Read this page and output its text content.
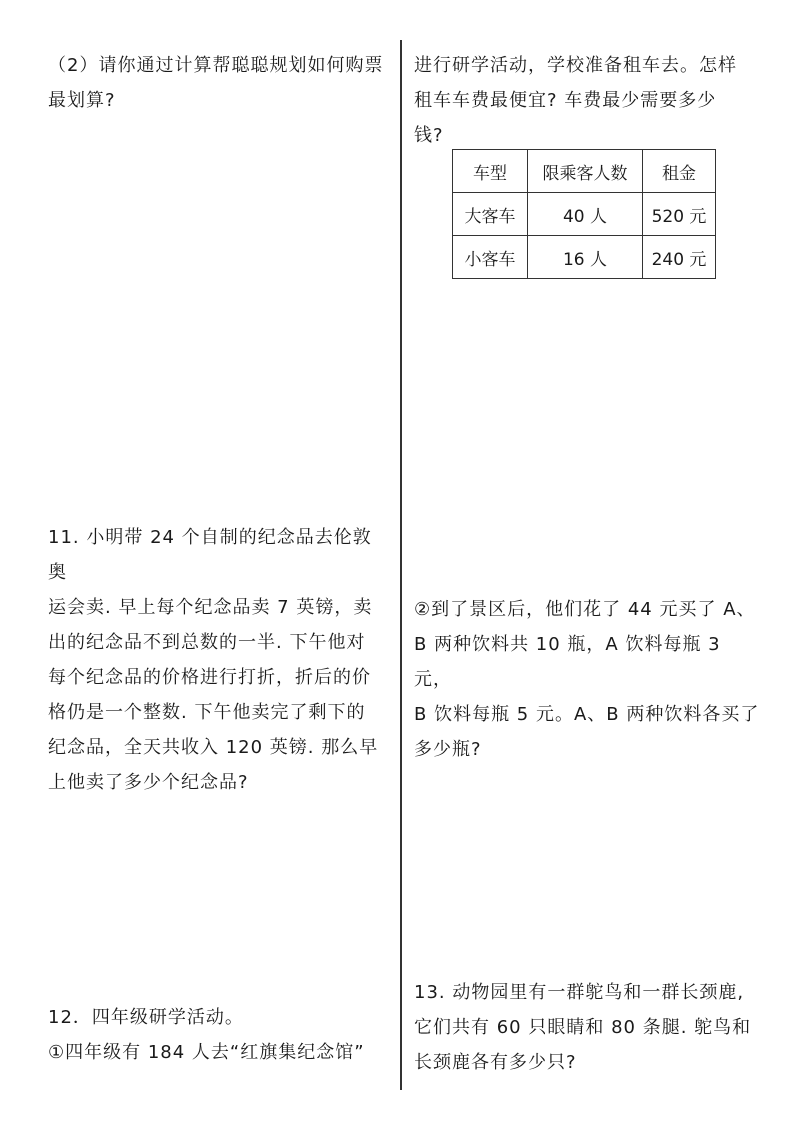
（2）请你通过计算帮聪聪规划如何购票
最划算?
11. 小明带 24 个自制的纪念品去伦敦奥
运会卖. 早上每个纪念品卖 7 英镑，卖
出的纪念品不到总数的一半. 下午他对
每个纪念品的价格进行打折，折后的价
格仍是一个整数. 下午他卖完了剩下的
纪念品，全天共收入 120 英镑. 那么早
上他卖了多少个纪念品?
12．四年级研学活动。
①四年级有 184 人去“红旗集纪念馆”
进行研学活动，学校准备租车去。怎样
租车车费最便宜? 车费最少需要多少
钱?
车型	限乘客人数	租金
大客车	40 人	520 元
小客车	16 人	240 元
②到了景区后，他们花了 44 元买了 A、
B 两种饮料共 10 瓶，A 饮料每瓶 3 元，
B 饮料每瓶 5 元。A、B 两种饮料各买了
多少瓶?
13. 动物园里有一群鸵鸟和一群长颈鹿,
它们共有 60 只眼睛和 80 条腿. 鸵鸟和
长颈鹿各有多少只?
